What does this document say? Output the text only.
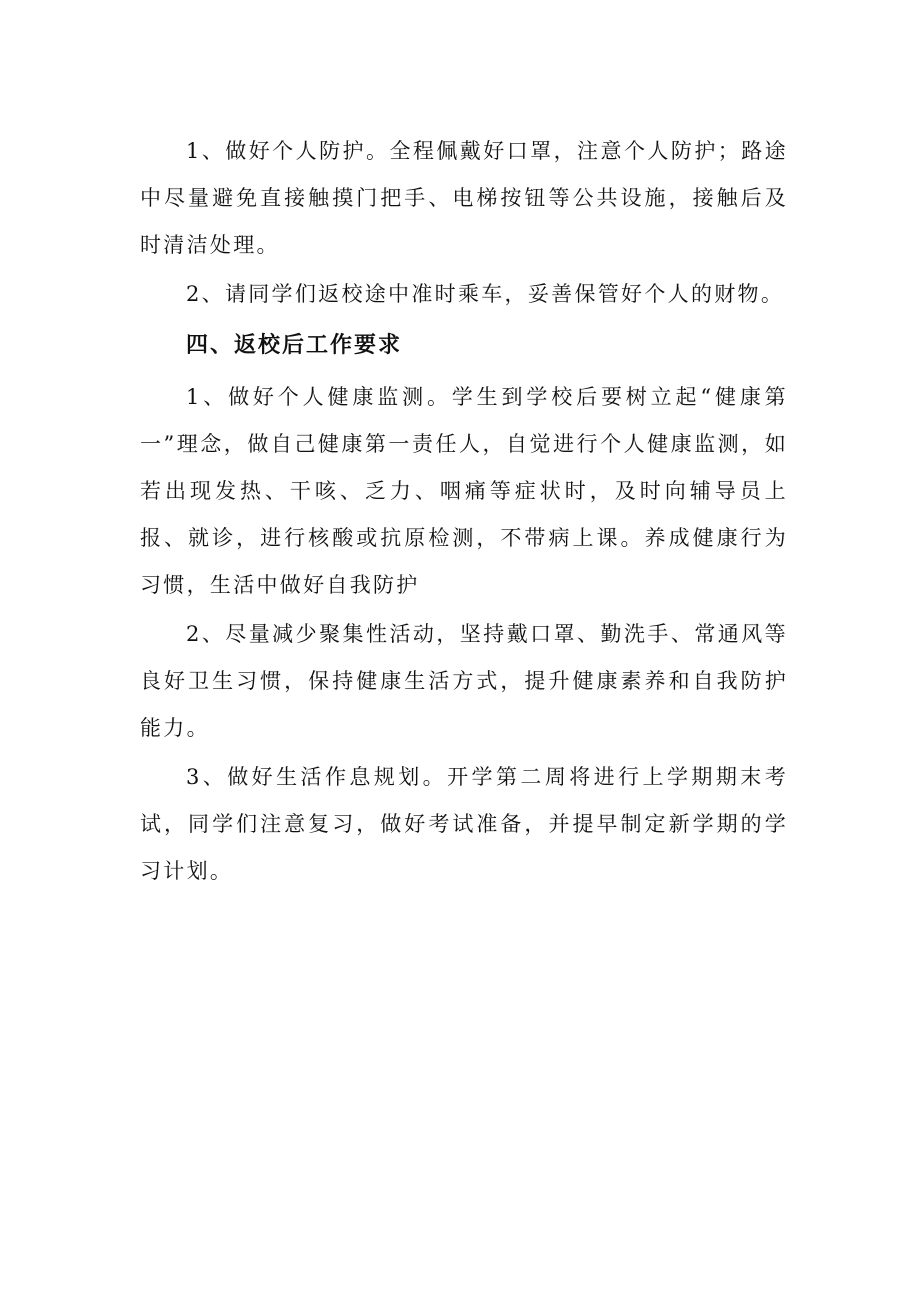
1、做好个人防护。全程佩戴好口罩，注意个人防护；路途中尽量避免直接触摸门把手、电梯按钮等公共设施，接触后及时清洁处理。

2、请同学们返校途中准时乘车，妥善保管好个人的财物。

四、返校后工作要求

1、做好个人健康监测。学生到学校后要树立起“健康第一”理念，做自己健康第一责任人，自觉进行个人健康监测，如若出现发热、干咳、乏力、咽痛等症状时，及时向辅导员上报、就诊，进行核酸或抗原检测，不带病上课。养成健康行为习惯，生活中做好自我防护

2、尽量减少聚集性活动，坚持戴口罩、勤洗手、常通风等良好卫生习惯，保持健康生活方式，提升健康素养和自我防护能力。

3、做好生活作息规划。开学第二周将进行上学期期末考试，同学们注意复习，做好考试准备，并提早制定新学期的学习计划。
